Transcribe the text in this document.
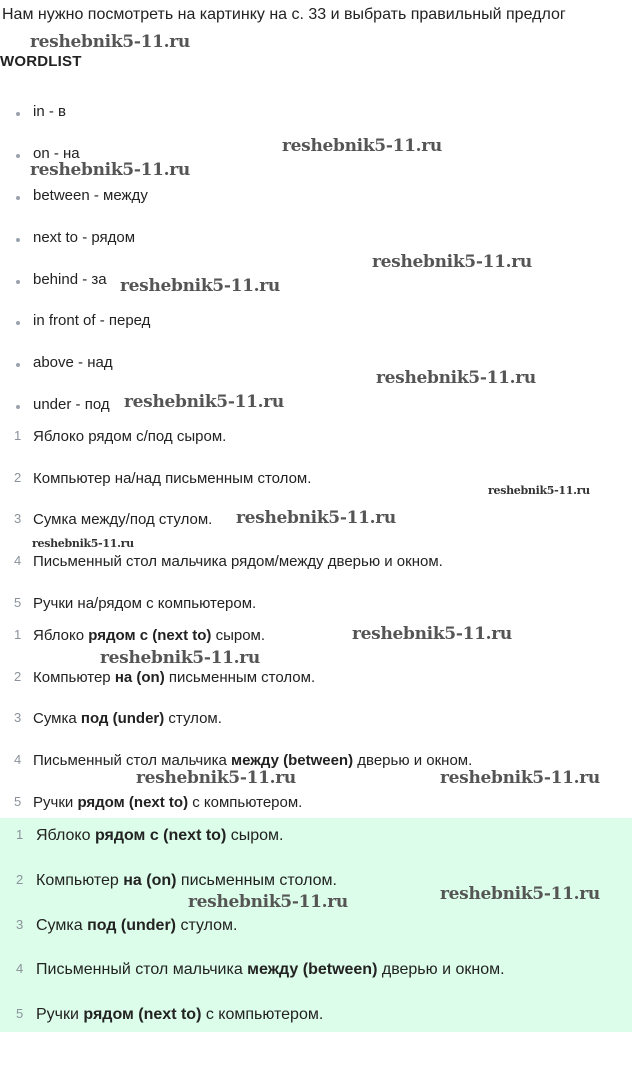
Нам нужно посмотреть на картинку на с. 33 и выбрать правильный предлог
WORDLIST
in - в
on - на
between - между
next to - рядом
behind - за
in front of - перед
above - над
under - под
1 Яблоко рядом с/под сыром.
2 Компьютер на/над письменным столом.
3 Сумка между/под стулом.
4 Письменный стол мальчика рядом/между дверью и окном.
5 Ручки на/рядом с компьютером.
1 Яблоко рядом с (next to) сыром.
2 Компьютер на (on) письменным столом.
3 Сумка под (under) стулом.
4 Письменный стол мальчика между (between) дверью и окном.
5 Ручки рядом (next to) с компьютером.
1 Яблоко рядом с (next to) сыром.
2 Компьютер на (on) письменным столом.
3 Сумка под (under) стулом.
4 Письменный стол мальчика между (between) дверью и окном.
5 Ручки рядом (next to) с компьютером.
reshebnik5-11.ru
reshebnik5-11.ru
reshebnik5-11.ru
reshebnik5-11.ru
reshebnik5-11.ru
reshebnik5-11.ru
reshebnik5-11.ru
reshebnik5-11.ru
reshebnik5-11.ru
reshebnik5-11.ru
reshebnik5-11.ru
reshebnik5-11.ru
reshebnik5-11.ru	reshebnik5-11.ru
reshebnik5-11.ru
reshebnik5-11.ru
